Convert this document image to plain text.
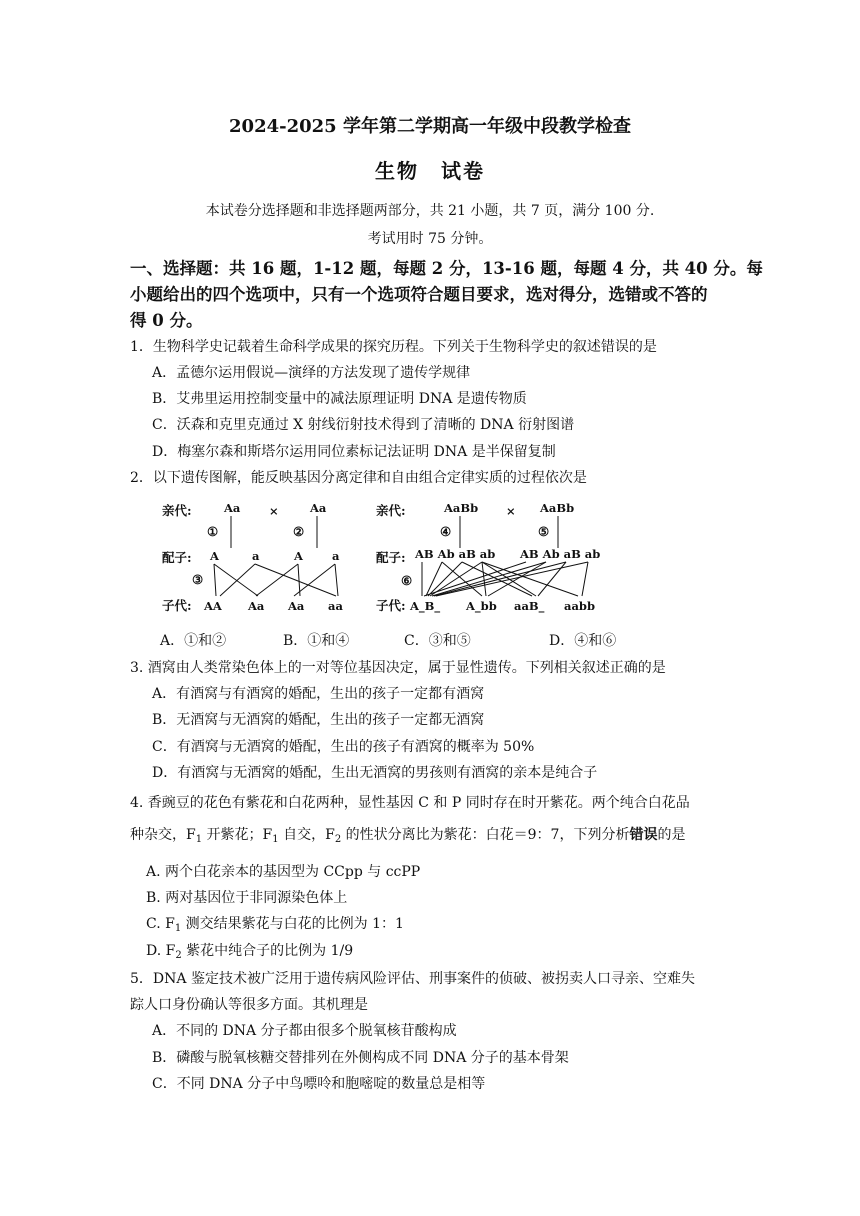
2024-2025 学年第二学期高一年级中段教学检查
生物　试卷
本试卷分选择题和非选择题两部分，共 21 小题，共 7 页，满分 100 分.
考试用时 75 分钟。
一、选择题：共 16 题，1-12 题，每题 2 分，13-16 题，每题 4 分，共 40 分。每
小题给出的四个选项中，只有一个选项符合题目要求，选对得分，选错或不答的
得 0 分。
1．生物科学史记载着生命科学成果的探究历程。下列关于生物科学史的叙述错误的是
A．孟德尔运用假说—演绎的方法发现了遗传学规律
B．艾弗里运用控制变量中的减法原理证明 DNA 是遗传物质
C．沃森和克里克通过 X 射线衍射技术得到了清晰的 DNA 衍射图谱
D．梅塞尔森和斯塔尔运用同位素标记法证明 DNA 是半保留复制
2．以下遗传图解，能反映基因分离定律和自由组合定律实质的过程依次是
亲代:	Aa ×	Aa
①	②
配子: A	a	A	a
③
子代: AA Aa Aa aa
亲代:	AaBb × AaBb
④	⑤
配子: AB Ab aB ab AB Ab aB ab
⑥
子代: A_B_ A_bb aaB_ aabb
A．①和②	B．①和④	C．③和⑤	D．④和⑥
3. 酒窝由人类常染色体上的一对等位基因决定，属于显性遗传。下列相关叙述正确的是
A．有酒窝与有酒窝的婚配，生出的孩子一定都有酒窝
B．无酒窝与无酒窝的婚配，生出的孩子一定都无酒窝
C．有酒窝与无酒窝的婚配，生出的孩子有酒窝的概率为 50%
D．有酒窝与无酒窝的婚配，生出无酒窝的男孩则有酒窝的亲本是纯合子
4. 香豌豆的花色有紫花和白花两种，显性基因 C 和 P 同时存在时开紫花。两个纯合白花品
种杂交，$F_1$ 开紫花；$F_1$ 自交，$F_2$ 的性状分离比为紫花：白花＝9：7，下列分析错误的是
A. 两个白花亲本的基因型为 CCpp 与 ccPP
B. 两对基因位于非同源染色体上
C. $F_1$ 测交结果紫花与白花的比例为 1：1
D. $F_2$ 紫花中纯合子的比例为 1/9
5．DNA 鉴定技术被广泛用于遗传病风险评估、刑事案件的侦破、被拐卖人口寻亲、空难失
踪人口身份确认等很多方面。其机理是
A．不同的 DNA 分子都由很多个脱氧核苷酸构成
B．磷酸与脱氧核糖交替排列在外侧构成不同 DNA 分子的基本骨架
C．不同 DNA 分子中鸟嘌呤和胞嘧啶的数量总是相等
